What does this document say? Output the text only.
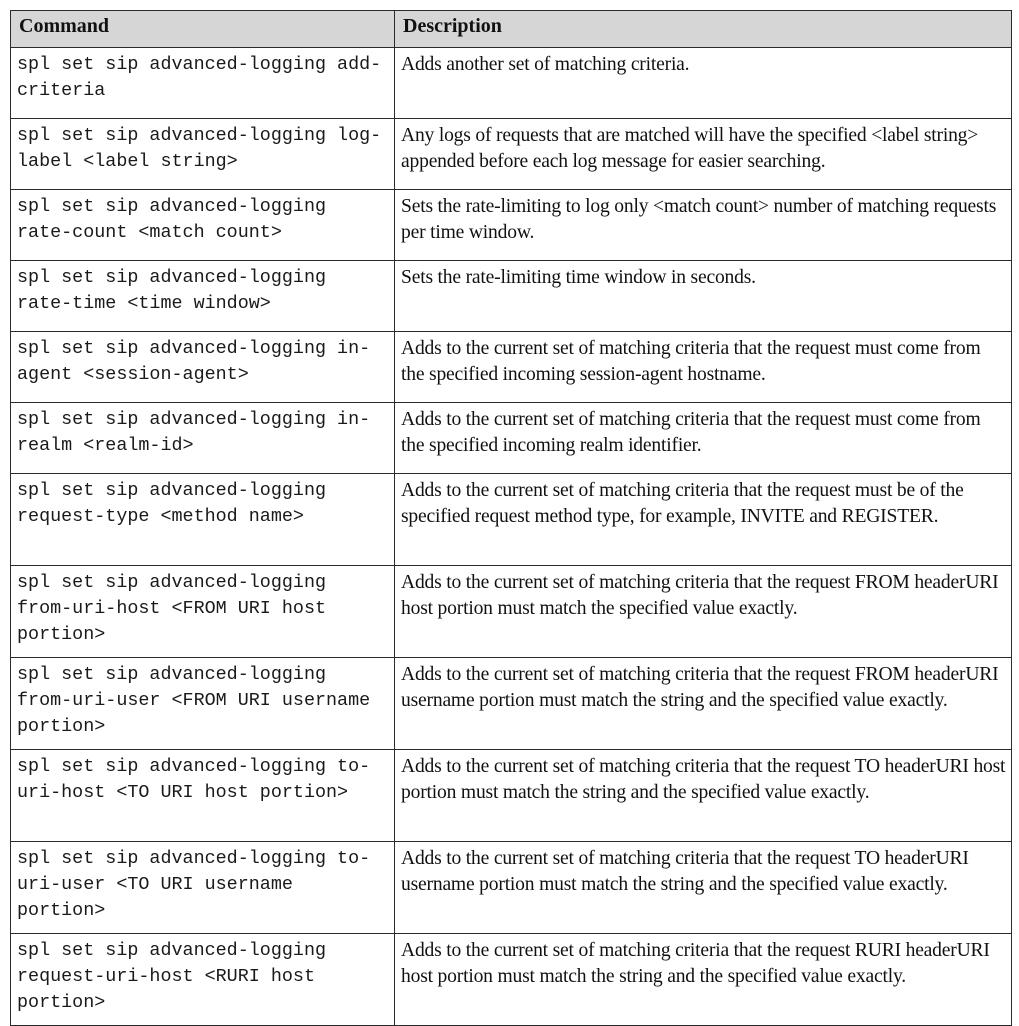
Command	Description
spl set sip advanced-logging add-criteria	Adds another set of matching criteria.
spl set sip advanced-logging log-label <label string>	Any logs of requests that are matched will have the specified <label string> appended before each log message for easier searching.
spl set sip advanced-logging rate-count <match count>	Sets the rate-limiting to log only <match count> number of matching requests per time window.
spl set sip advanced-logging rate-time <time window>	Sets the rate-limiting time window in seconds.
spl set sip advanced-logging in-agent <session-agent>	Adds to the current set of matching criteria that the request must come from the specified incoming session-agent hostname.
spl set sip advanced-logging in-realm <realm-id>	Adds to the current set of matching criteria that the request must come from the specified incoming realm identifier.
spl set sip advanced-logging request-type <method name>	Adds to the current set of matching criteria that the request must be of the specified request method type, for example, INVITE and REGISTER.
spl set sip advanced-logging from-uri-host <FROM URI host portion>	Adds to the current set of matching criteria that the request FROM headerURI host portion must match the specified value exactly.
spl set sip advanced-logging from-uri-user <FROM URI username portion>	Adds to the current set of matching criteria that the request FROM headerURI username portion must match the string and the specified value exactly.
spl set sip advanced-logging to-uri-host <TO URI host portion>	Adds to the current set of matching criteria that the request TO headerURI host portion must match the string and the specified value exactly.
spl set sip advanced-logging to-uri-user <TO URI username portion>	Adds to the current set of matching criteria that the request TO headerURI username portion must match the string and the specified value exactly.
spl set sip advanced-logging request-uri-host <RURI host portion>	Adds to the current set of matching criteria that the request RURI headerURI host portion must match the string and the specified value exactly.
